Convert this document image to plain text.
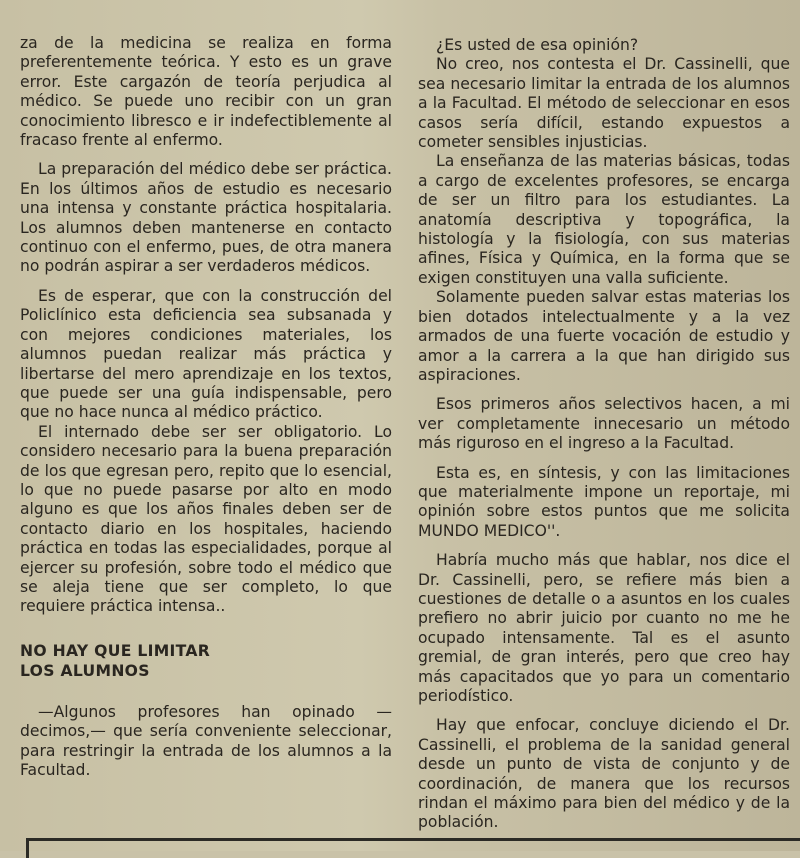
za de la medicina se realiza en forma preferentemente teórica. Y esto es un grave error. Este cargazón de teoría perjudica al médico. Se puede uno recibir con un gran conocimiento libresco e ir indefectiblemente al fracaso frente al enfermo.

La preparación del médico debe ser práctica. En los últimos años de estudio es necesario una intensa y constante práctica hospitalaria. Los alumnos deben mantenerse en contacto continuo con el enfermo, pues, de otra manera no podrán aspirar a ser verdaderos médicos.

Es de esperar, que con la construcción del Policlínico esta deficiencia sea subsanada y con mejores condiciones materiales, los alumnos puedan realizar más práctica y libertarse del mero aprendizaje en los textos, que puede ser una guía indispensable, pero que no hace nunca al médico práctico.

El internado debe ser ser obligatorio. Lo considero necesario para la buena preparación de los que egresan pero, repito que lo esencial, lo que no puede pasarse por alto en modo alguno es que los años finales deben ser de contacto diario en los hospitales, haciendo práctica en todas las especialidades, porque al ejercer su profesión, sobre todo el médico que se aleja tiene que ser completo, lo que requiere práctica intensa..

NO HAY QUE LIMITAR
LOS ALUMNOS

—Algunos profesores han opinado —decimos,— que sería conveniente seleccionar, para restringir la entrada de los alumnos a la Facultad.

¿Es usted de esa opinión?

No creo, nos contesta el Dr. Cassinelli, que sea necesario limitar la entrada de los alumnos a la Facultad. El método de seleccionar en esos casos sería difícil, estando expuestos a cometer sensibles injusticias.

La enseñanza de las materias básicas, todas a cargo de excelentes profesores, se encarga de ser un filtro para los estudiantes. La anatomía descriptiva y topográfica, la histología y la fisiología, con sus materias afines, Física y Química, en la forma que se exigen constituyen una valla suficiente.

Solamente pueden salvar estas materias los bien dotados intelectualmente y a la vez armados de una fuerte vocación de estudio y amor a la carrera a la que han dirigido sus aspiraciones.

Esos primeros años selectivos hacen, a mi ver completamente innecesario un método más riguroso en el ingreso a la Facultad.

Esta es, en síntesis, y con las limitaciones que materialmente impone un reportaje, mi opinión sobre estos puntos que me solicita MUNDO MEDICO''.

Habría mucho más que hablar, nos dice el Dr. Cassinelli, pero, se refiere más bien a cuestiones de detalle o a asuntos en los cuales prefiero no abrir juicio por cuanto no me he ocupado intensamente. Tal es el asunto gremial, de gran interés, pero que creo hay más capacitados que yo para un comentario periodístico.

Hay que enfocar, concluye diciendo el Dr. Cassinelli, el problema de la sanidad general desde un punto de vista de conjunto y de coordinación, de manera que los recursos rindan el máximo para bien del médico y de la población.
